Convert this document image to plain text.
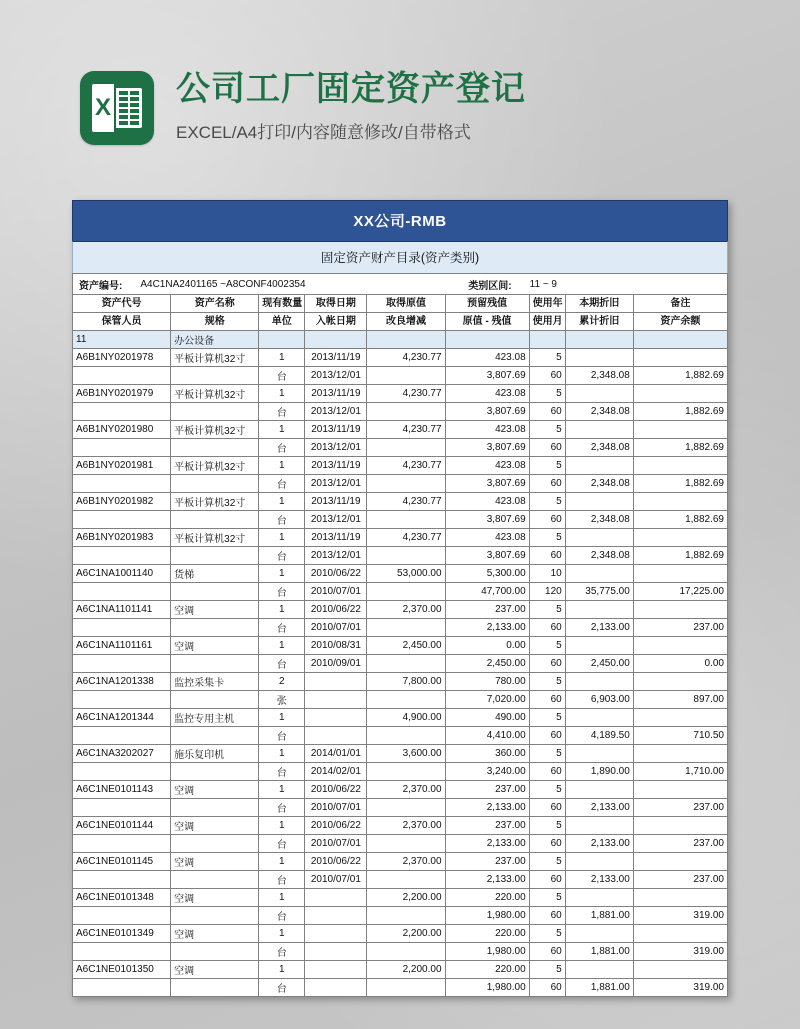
X
公司工厂固定资产登记
EXCEL/A4打印/内容随意修改/自带格式
XX公司-RMB
固定资产财产目录(资产类别)
资产编号: A4C1NA2401165 ~A8CONF4002354	类别区间: 11 ~ 9
资产代号	资产名称	现有数量	取得日期	取得原值	预留残值	使用年	本期折旧	备注
保管人员	规格	单位	入帐日期	改良增减	原值 - 残值	使用月	累计折旧	资产余额
11	办公设备							
A6B1NY0201978	平板计算机32寸	1	2013/11/19	4,230.77	423.08	5		
		台	2013/12/01		3,807.69	60	2,348.08	1,882.69
A6B1NY0201979	平板计算机32寸	1	2013/11/19	4,230.77	423.08	5		
		台	2013/12/01		3,807.69	60	2,348.08	1,882.69
A6B1NY0201980	平板计算机32寸	1	2013/11/19	4,230.77	423.08	5		
		台	2013/12/01		3,807.69	60	2,348.08	1,882.69
A6B1NY0201981	平板计算机32寸	1	2013/11/19	4,230.77	423.08	5		
		台	2013/12/01		3,807.69	60	2,348.08	1,882.69
A6B1NY0201982	平板计算机32寸	1	2013/11/19	4,230.77	423.08	5		
		台	2013/12/01		3,807.69	60	2,348.08	1,882.69
A6B1NY0201983	平板计算机32寸	1	2013/11/19	4,230.77	423.08	5		
		台	2013/12/01		3,807.69	60	2,348.08	1,882.69
A6C1NA1001140	货梯	1	2010/06/22	53,000.00	5,300.00	10		
		台	2010/07/01		47,700.00	120	35,775.00	17,225.00
A6C1NA1101141	空调	1	2010/06/22	2,370.00	237.00	5		
		台	2010/07/01		2,133.00	60	2,133.00	237.00
A6C1NA1101161	空调	1	2010/08/31	2,450.00	0.00	5		
		台	2010/09/01		2,450.00	60	2,450.00	0.00
A6C1NA1201338	监控采集卡	2		7,800.00	780.00	5		
		张			7,020.00	60	6,903.00	897.00
A6C1NA1201344	监控专用主机	1		4,900.00	490.00	5		
		台			4,410.00	60	4,189.50	710.50
A6C1NA3202027	施乐复印机	1	2014/01/01	3,600.00	360.00	5		
		台	2014/02/01		3,240.00	60	1,890.00	1,710.00
A6C1NE0101143	空调	1	2010/06/22	2,370.00	237.00	5		
		台	2010/07/01		2,133.00	60	2,133.00	237.00
A6C1NE0101144	空调	1	2010/06/22	2,370.00	237.00	5		
		台	2010/07/01		2,133.00	60	2,133.00	237.00
A6C1NE0101145	空调	1	2010/06/22	2,370.00	237.00	5		
		台	2010/07/01		2,133.00	60	2,133.00	237.00
A6C1NE0101348	空调	1		2,200.00	220.00	5		
		台			1,980.00	60	1,881.00	319.00
A6C1NE0101349	空调	1		2,200.00	220.00	5		
		台			1,980.00	60	1,881.00	319.00
A6C1NE0101350	空调	1		2,200.00	220.00	5		
		台			1,980.00	60	1,881.00	319.00
